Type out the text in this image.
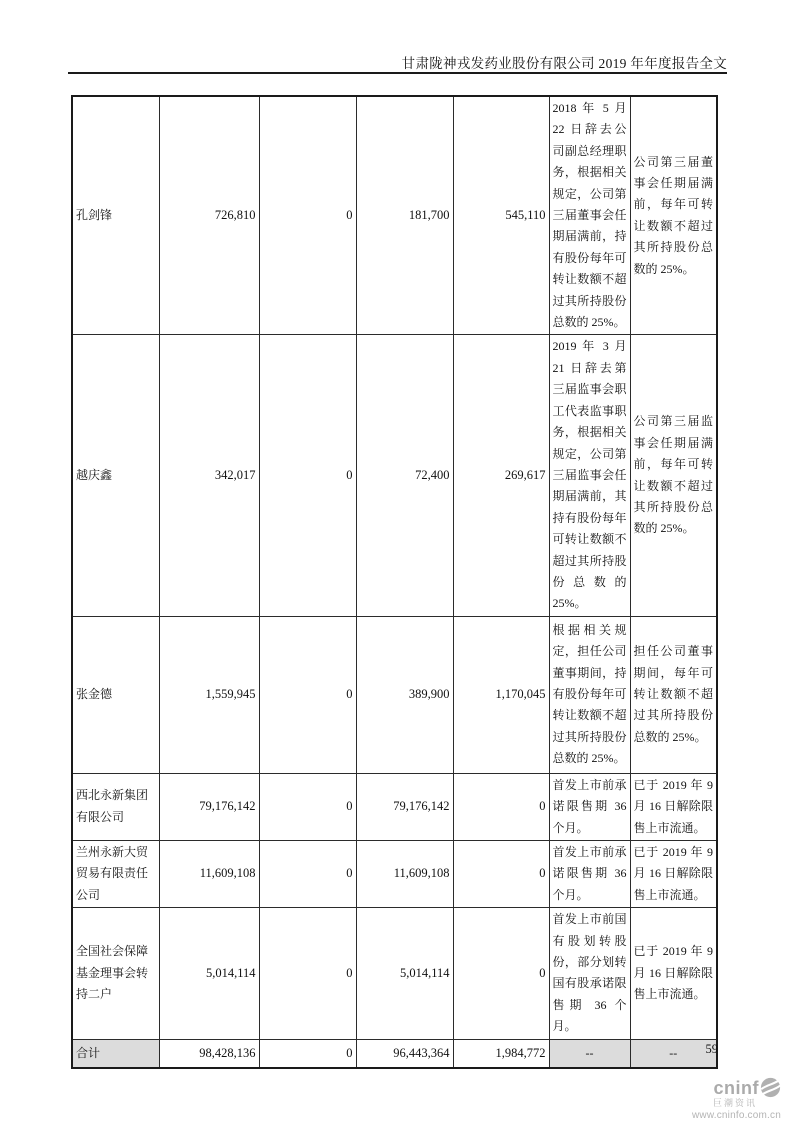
甘肃陇神戎发药业股份有限公司 2019 年年度报告全文
孔剑锋	726,810	0	181,700	545,110	2018 年 5 月 22 日辞去公司副总经理职务，根据相关规定，公司第三届董事会任期届满前，持有股份每年可转让数额不超过其所持股份总数的 25%。	公司第三届董事会任期届满前，每年可转让数额不超过其所持股份总数的 25%。
越庆鑫	342,017	0	72,400	269,617	2019 年 3 月 21 日辞去第三届监事会职工代表监事职务，根据相关规定，公司第三届监事会任期届满前，其持有股份每年可转让数额不超过其所持股份总数的 25%。	公司第三届监事会任期届满前，每年可转让数额不超过其所持股份总数的 25%。
张金德	1,559,945	0	389,900	1,170,045	根据相关规定，担任公司董事期间，持有股份每年可转让数额不超过其所持股份总数的 25%。	担任公司董事期间，每年可转让数额不超过其所持股份总数的 25%。
西北永新集团有限公司	79,176,142	0	79,176,142	0	首发上市前承诺限售期 36 个月。	已于 2019 年 9 月 16 日解除限售上市流通。
兰州永新大贸贸易有限责任公司	11,609,108	0	11,609,108	0	首发上市前承诺限售期 36 个月。	已于 2019 年 9 月 16 日解除限售上市流通。
全国社会保障基金理事会转持二户	5,014,114	0	5,014,114	0	首发上市前国有股划转股份，部分划转国有股承诺限售期 36 个月。	已于 2019 年 9 月 16 日解除限售上市流通。
合计	98,428,136	0	96,443,364	1,984,772	--	--	59
cninf
巨潮资讯
www.cninfo.com.cn
